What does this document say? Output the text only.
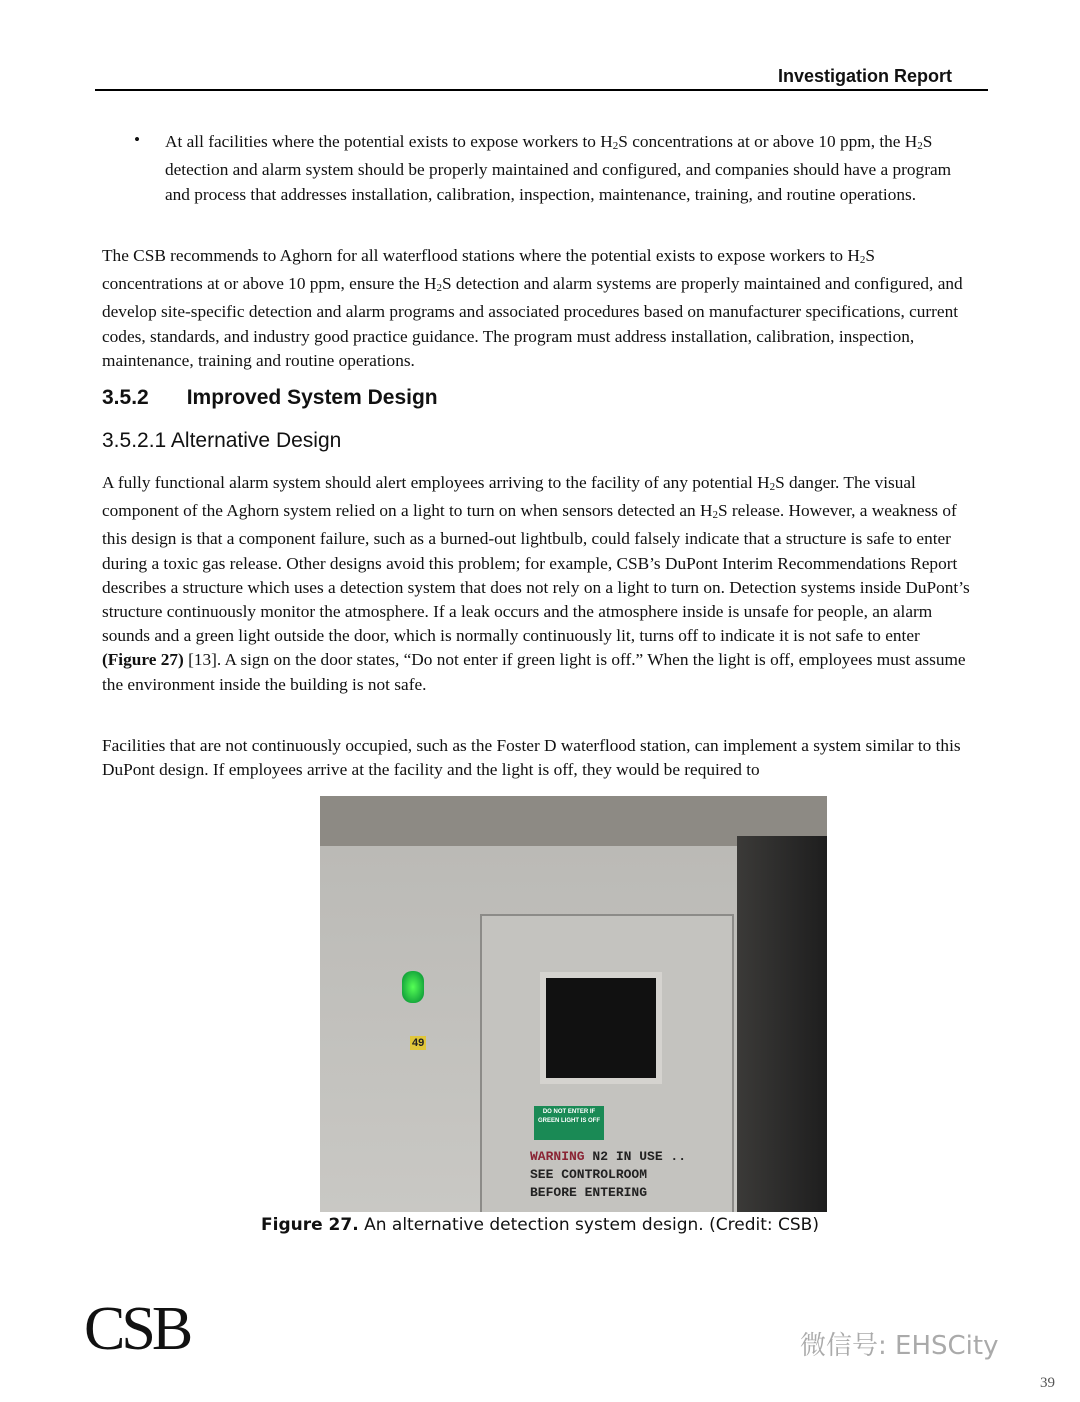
Investigation Report
• At all facilities where the potential exists to expose workers to $H_2S$ concentrations at or above 10 ppm, the $H_2S$ detection and alarm system should be properly maintained and configured, and companies should have a program and process that addresses installation, calibration, inspection, maintenance, training, and routine operations.
The CSB recommends to Aghorn for all waterflood stations where the potential exists to expose workers to $H_2S$ concentrations at or above 10 ppm, ensure the $H_2S$ detection and alarm systems are properly maintained and configured, and develop site-specific detection and alarm programs and associated procedures based on manufacturer specifications, current codes, standards, and industry good practice guidance. The program must address installation, calibration, inspection, maintenance, training and routine operations.
3.5.2 Improved System Design
3.5.2.1 Alternative Design
A fully functional alarm system should alert employees arriving to the facility of any potential $H_2S$ danger. The visual component of the Aghorn system relied on a light to turn on when sensors detected an $H_2S$ release. However, a weakness of this design is that a component failure, such as a burned-out lightbulb, could falsely indicate that a structure is safe to enter during a toxic gas release. Other designs avoid this problem; for example, CSB’s DuPont Interim Recommendations Report describes a structure which uses a detection system that does not rely on a light to turn on. Detection systems inside DuPont’s structure continuously monitor the atmosphere. If a leak occurs and the atmosphere inside is unsafe for people, an alarm sounds and a green light outside the door, which is normally continuously lit, turns off to indicate it is not safe to enter (Figure 27) [13]. A sign on the door states, “Do not enter if green light is off.” When the light is off, employees must assume the environment inside the building is not safe.
Facilities that are not continuously occupied, such as the Foster D waterflood station, can implement a system similar to this DuPont design. If employees arrive at the facility and the light is off, they would be required to
49
DO NOT ENTER IF GREEN LIGHT IS OFF
WARNING N2 IN USE ..
SEE CONTROLROOM
BEFORE ENTERING
Figure 27. An alternative detection system design. (Credit: CSB)
CSB	微信号: EHSCity
39
